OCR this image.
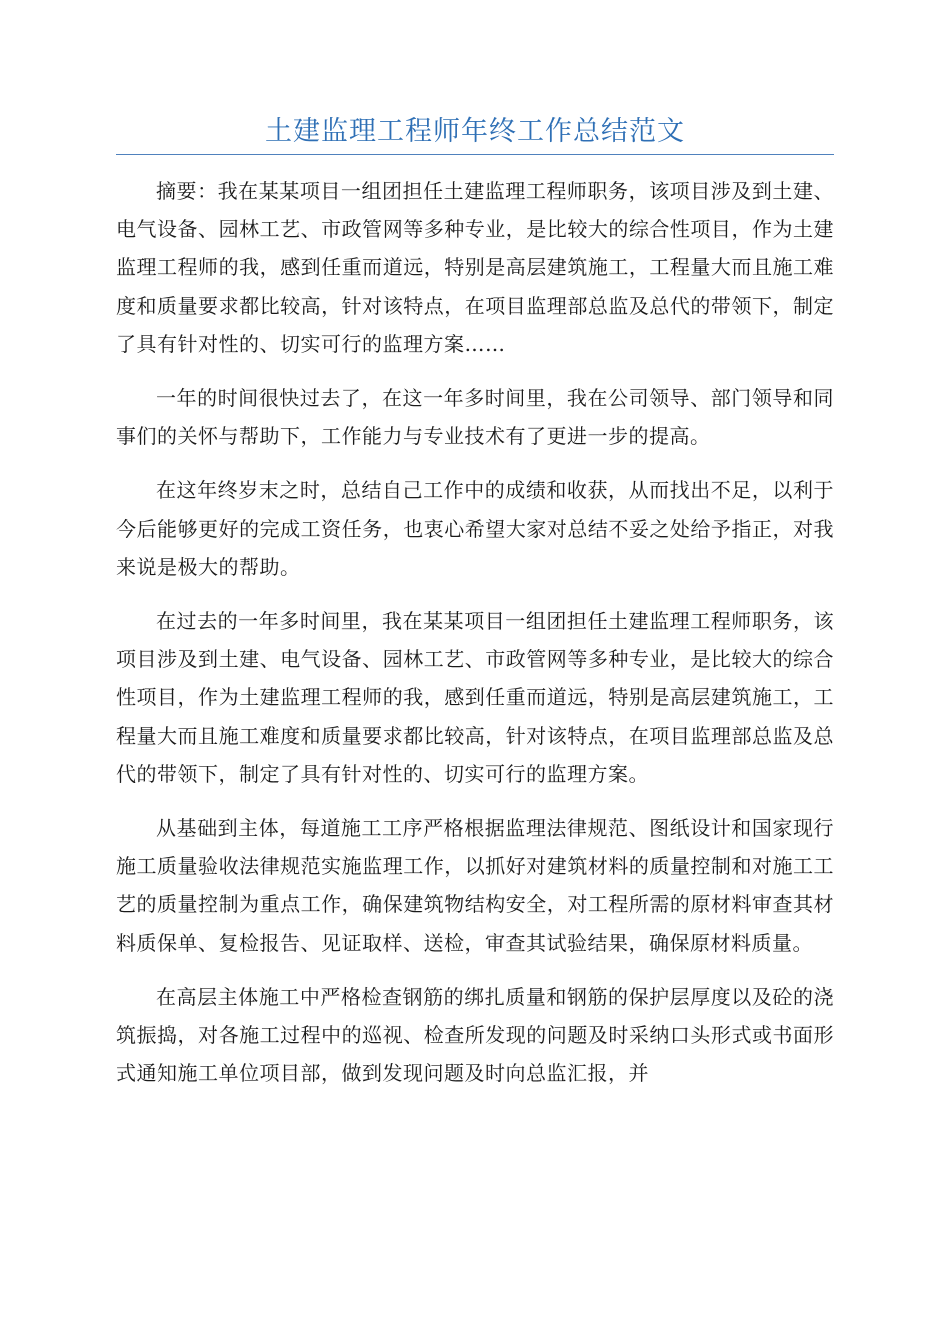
土建监理工程师年终工作总结范文

摘要：我在某某项目一组团担任土建监理工程师职务，该项目涉及到土建、电气设备、园林工艺、市政管网等多种专业，是比较大的综合性项目，作为土建监理工程师的我，感到任重而道远，特别是高层建筑施工，工程量大而且施工难度和质量要求都比较高，针对该特点，在项目监理部总监及总代的带领下，制定了具有针对性的、切实可行的监理方案……

一年的时间很快过去了，在这一年多时间里，我在公司领导、部门领导和同事们的关怀与帮助下，工作能力与专业技术有了更进一步的提高。

在这年终岁末之时，总结自己工作中的成绩和收获，从而找出不足，以利于今后能够更好的完成工资任务，也衷心希望大家对总结不妥之处给予指正，对我来说是极大的帮助。

在过去的一年多时间里，我在某某项目一组团担任土建监理工程师职务，该项目涉及到土建、电气设备、园林工艺、市政管网等多种专业，是比较大的综合性项目，作为土建监理工程师的我，感到任重而道远，特别是高层建筑施工，工程量大而且施工难度和质量要求都比较高，针对该特点，在项目监理部总监及总代的带领下，制定了具有针对性的、切实可行的监理方案。

从基础到主体，每道施工工序严格根据监理法律规范、图纸设计和国家现行施工质量验收法律规范实施监理工作，以抓好对建筑材料的质量控制和对施工工艺的质量控制为重点工作，确保建筑物结构安全，对工程所需的原材料审查其材料质保单、复检报告、见证取样、送检，审查其试验结果，确保原材料质量。

在高层主体施工中严格检查钢筋的绑扎质量和钢筋的保护层厚度以及砼的浇筑振捣，对各施工过程中的巡视、检查所发现的问题及时采纳口头形式或书面形式通知施工单位项目部，做到发现问题及时向总监汇报，并
